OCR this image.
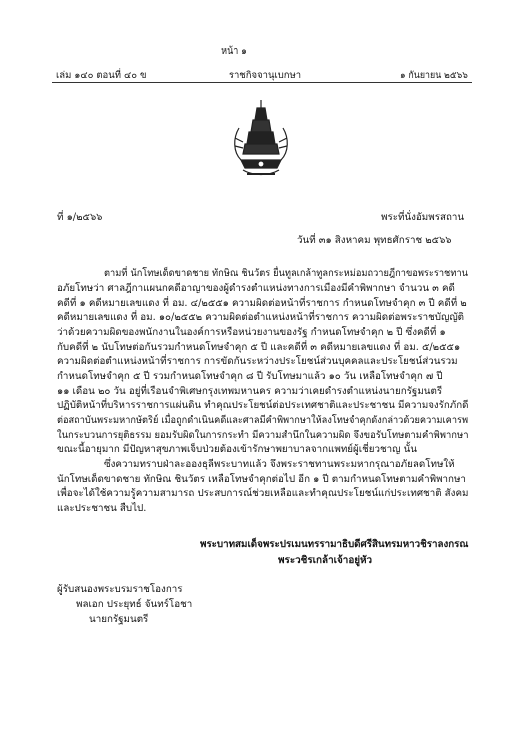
หน้า ๑
เล่ม ๑๔๐ ตอนที่ ๔๐ ข	ราชกิจจานุเบกษา	๑ กันยายน ๒๕๖๖
ที่ ๑/๒๕๖๖	พระที่นั่งอัมพรสถาน
วันที่ ๓๑ สิงหาคม พุทธศักราช ๒๕๖๖
ตามที่ นักโทษเด็ดขาดชาย ทักษิณ ชินวัตร ยื่นทูลเกล้าทูลกระหม่อมถวายฎีกาขอพระราชทาน
อภัยโทษว่า ศาลฎีกาแผนกคดีอาญาของผู้ดำรงตำแหน่งทางการเมืองมีคำพิพากษา จำนวน ๓ คดี
คดีที่ ๑ คดีหมายเลขแดง ที่ อม. ๔/๒๕๕๑ ความผิดต่อหน้าที่ราชการ กำหนดโทษจำคุก ๓ ปี คดีที่ ๒
คดีหมายเลขแดง ที่ อม. ๑๐/๒๕๕๒ ความผิดต่อตำแหน่งหน้าที่ราชการ ความผิดต่อพระราชบัญญัติ
ว่าด้วยความผิดของพนักงานในองค์การหรือหน่วยงานของรัฐ กำหนดโทษจำคุก ๒ ปี ซึ่งคดีที่ ๑
กับคดีที่ ๒ นับโทษต่อกันรวมกำหนดโทษจำคุก ๕ ปี และคดีที่ ๓ คดีหมายเลขแดง ที่ อม. ๕/๒๕๕๑
ความผิดต่อตำแหน่งหน้าที่ราชการ การขัดกันระหว่างประโยชน์ส่วนบุคคลและประโยชน์ส่วนรวม
กำหนดโทษจำคุก ๕ ปี รวมกำหนดโทษจำคุก ๘ ปี รับโทษมาแล้ว ๑๐ วัน เหลือโทษจำคุก ๗ ปี
๑๑ เดือน ๒๐ วัน อยู่ที่เรือนจำพิเศษกรุงเทพมหานคร ความว่าเคยดำรงตำแหน่งนายกรัฐมนตรี
ปฏิบัติหน้าที่บริหารราชการแผ่นดิน ทำคุณประโยชน์ต่อประเทศชาติและประชาชน มีความจงรักภักดี
ต่อสถาบันพระมหากษัตริย์ เมื่อถูกดำเนินคดีและศาลมีคำพิพากษาให้ลงโทษจำคุกดังกล่าวด้วยความเคารพ
ในกระบวนการยุติธรรม ยอมรับผิดในการกระทำ มีความสำนึกในความผิด จึงขอรับโทษตามคำพิพากษา
ขณะนี้อายุมาก มีปัญหาสุขภาพเจ็บป่วยต้องเข้ารักษาพยาบาลจากแพทย์ผู้เชี่ยวชาญ นั้น
ซึ่งความทราบฝ่าละอองธุลีพระบาทแล้ว จึงพระราชทานพระมหากรุณาอภัยลดโทษให้
นักโทษเด็ดขาดชาย ทักษิณ ชินวัตร เหลือโทษจำคุกต่อไป อีก ๑ ปี ตามกำหนดโทษตามคำพิพากษา
เพื่อจะได้ใช้ความรู้ความสามารถ ประสบการณ์ช่วยเหลือและทำคุณประโยชน์แก่ประเทศชาติ สังคม
และประชาชน สืบไป.
พระบาทสมเด็จพระปรเมนทรรามาธิบดีศรีสินทรมหาวชิราลงกรณ
พระวชิรเกล้าเจ้าอยู่หัว
ผู้รับสนองพระบรมราชโองการ
พลเอก ประยุทธ์ จันทร์โอชา
นายกรัฐมนตรี
